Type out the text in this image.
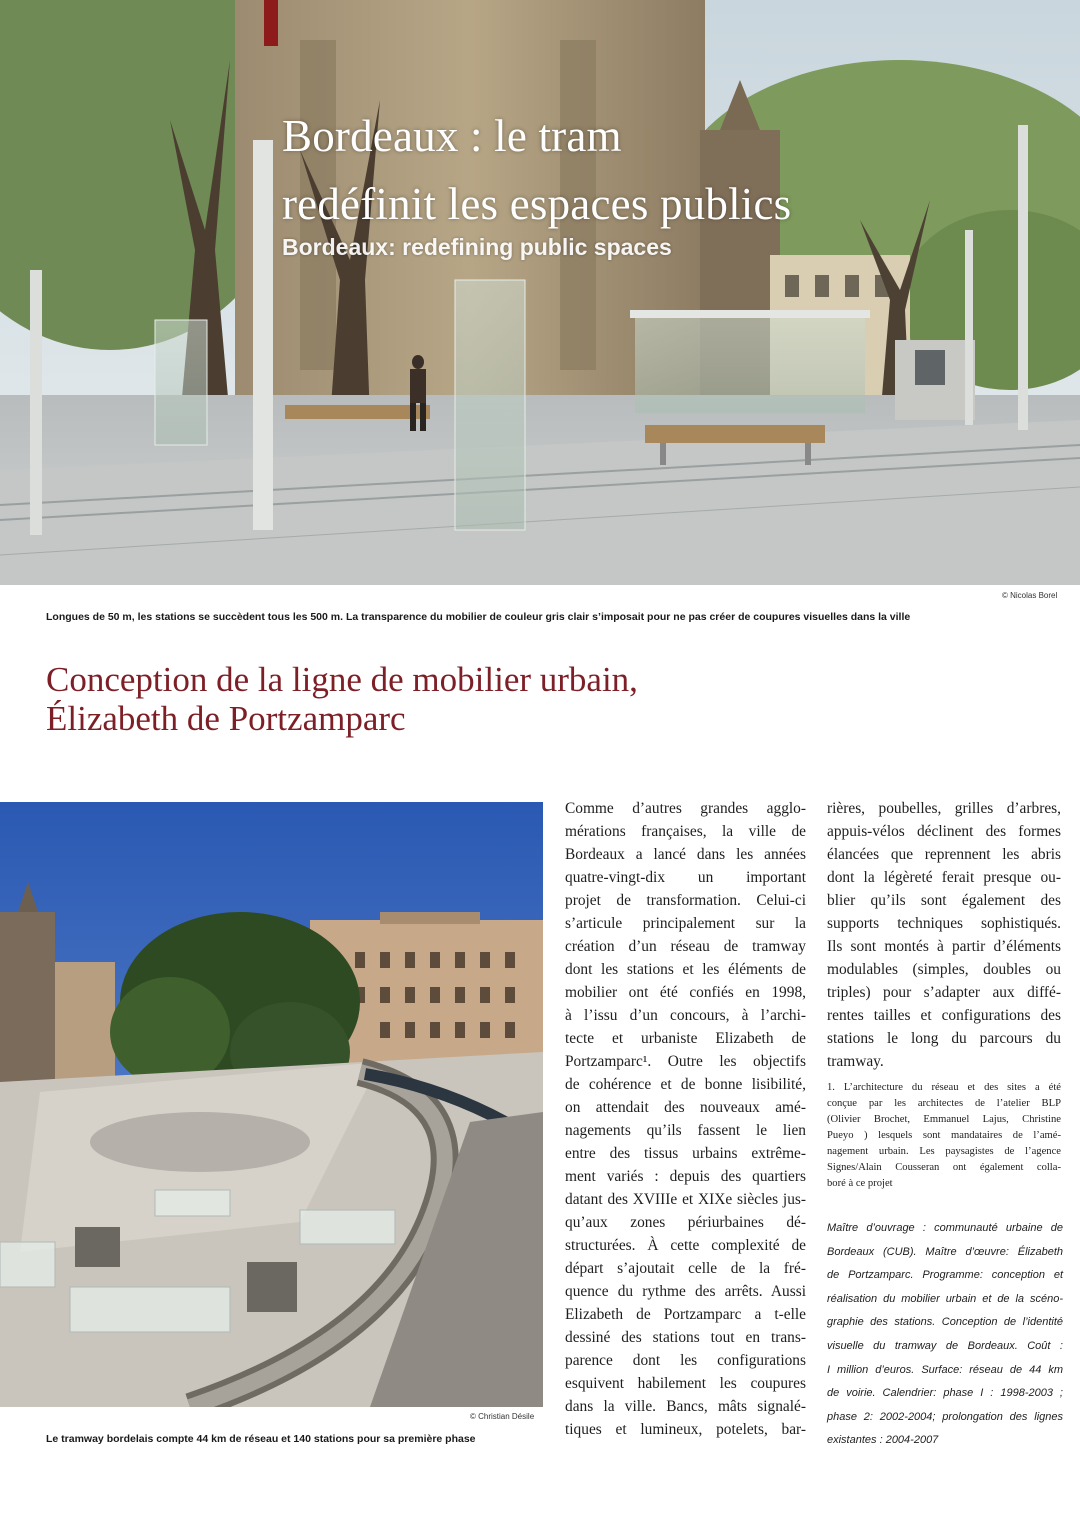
Bordeaux : le tram
redéfinit les espaces publics
Bordeaux: redefining public spaces
© Nicolas Borel
Longues de 50 m, les stations se succèdent tous les 500 m. La transparence du mobilier de couleur gris clair s’imposait pour ne pas créer de coupures visuelles dans la ville
Conception de la ligne de mobilier urbain,
Élizabeth de Portzamparc
© Christian Désile
Le tramway bordelais compte 44 km de réseau et 140 stations pour sa première phase
Comme d’autres grandes agglo-
mérations françaises, la ville de
Bordeaux a lancé dans les années
quatre-vingt-dix un important
projet de transformation. Celui-ci
s’articule principalement sur la
création d’un réseau de tramway
dont les stations et les éléments de
mobilier ont été confiés en 1998,
à l’issu d’un concours, à l’archi-
tecte et urbaniste Elizabeth de
Portzamparc¹. Outre les objectifs
de cohérence et de bonne lisibilité,
on attendait des nouveaux amé-
nagements qu’ils fassent le lien
entre des tissus urbains extrême-
ment variés : depuis des quartiers
datant des XVIIIe et XIXe siècles jus-
qu’aux zones périurbaines dé-
structurées. À cette complexité de
départ s’ajoutait celle de la fré-
quence du rythme des arrêts. Aussi
Elizabeth de Portzamparc a t-elle
dessiné des stations tout en trans-
parence dont les configurations
esquivent habilement les coupures
dans la ville. Bancs, mâts signalé-
tiques et lumineux, potelets, bar-
rières, poubelles, grilles d’arbres,
appuis-vélos déclinent des formes
élancées que reprennent les abris
dont la légèreté ferait presque ou-
blier qu’ils sont également des
supports techniques sophistiqués.
Ils sont montés à partir d’éléments
modulables (simples, doubles ou
triples) pour s’adapter aux diffé-
rentes tailles et configurations des
stations le long du parcours du
tramway.
1. L’architecture du réseau et des sites a été
conçue par les architectes de l’atelier BLP
(Olivier Brochet, Emmanuel Lajus, Christine
Pueyo ) lesquels sont mandataires de l’amé-
nagement urbain. Les paysagistes de l’agence
Signes/Alain Cousseran ont également colla-
boré à ce projet
Maître d’ouvrage : communauté urbaine de
Bordeaux (CUB). Maître d’œuvre: Élizabeth
de Portzamparc. Programme: conception et
réalisation du mobilier urbain et de la scéno-
graphie des stations. Conception de l’identité
visuelle du tramway de Bordeaux. Coût :
I million d’euros. Surface: réseau de 44 km
de voirie. Calendrier: phase I : 1998-2003 ;
phase 2: 2002-2004; prolongation des lignes
existantes : 2004-2007
